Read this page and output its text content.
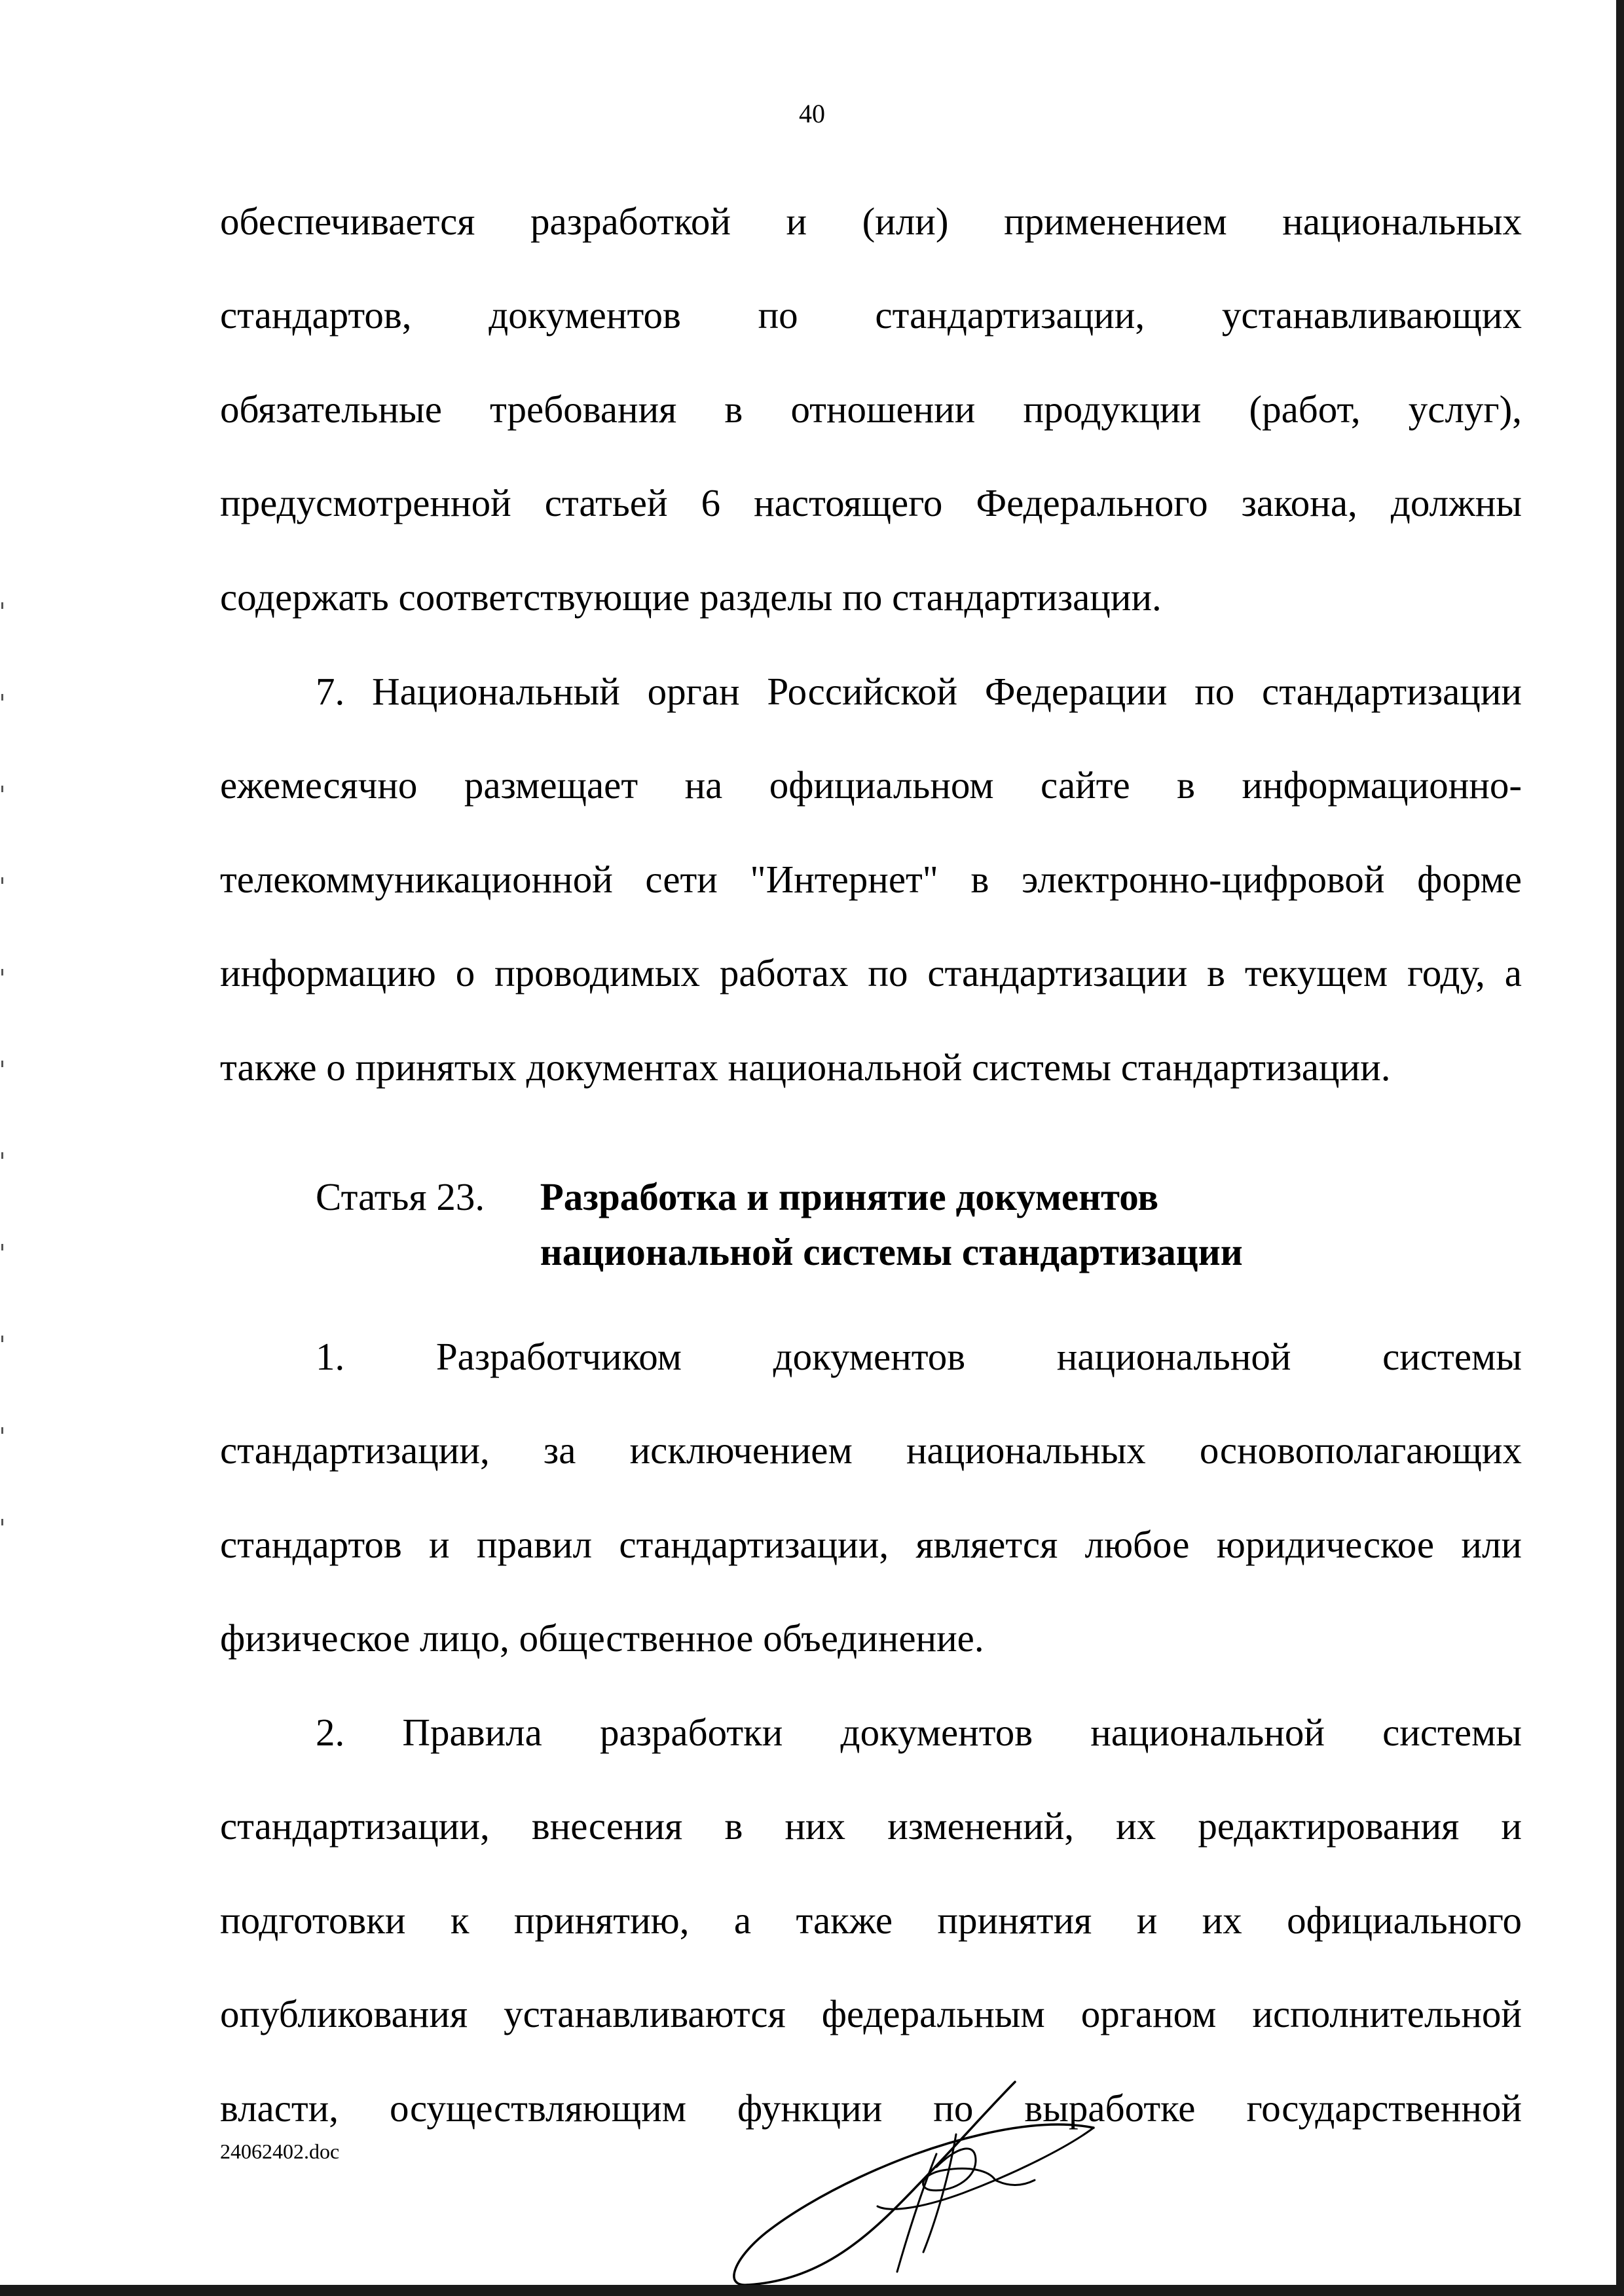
40
обеспечивается разработкой и (или) применением национальных
стандартов, документов по стандартизации, устанавливающих
обязательные требования в отношении продукции (работ, услуг),
предусмотренной статьей 6 настоящего Федерального закона, должны
содержать соответствующие разделы по стандартизации.
7. Национальный орган Российской Федерации по стандартизации
ежемесячно размещает на официальном сайте в информационно-
телекоммуникационной сети "Интернет" в электронно-цифровой форме
информацию о проводимых работах по стандартизации в текущем году, а
также о принятых документах национальной системы стандартизации.
Статья 23. Разработка и принятие документов
национальной системы стандартизации
1. Разработчиком документов национальной системы
стандартизации, за исключением национальных основополагающих
стандартов и правил стандартизации, является любое юридическое или
физическое лицо, общественное объединение.
2. Правила разработки документов национальной системы
стандартизации, внесения в них изменений, их редактирования и
подготовки к принятию, а также принятия и их официального
опубликования устанавливаются федеральным органом исполнительной
власти, осуществляющим функции по выработке государственной
24062402.doc
